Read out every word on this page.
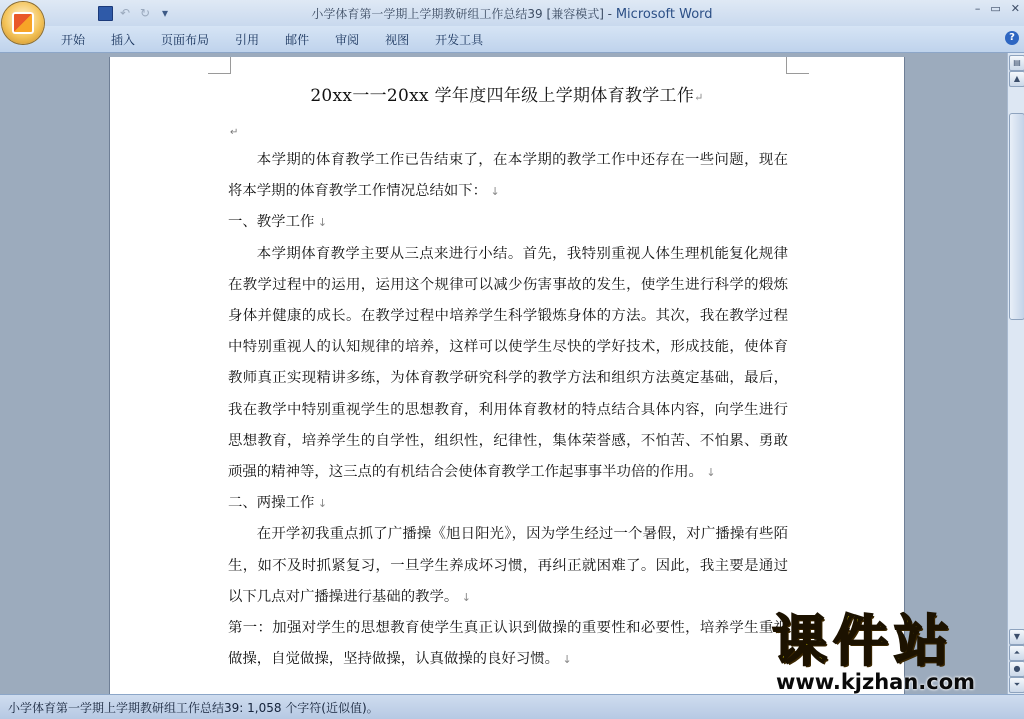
↶ ↻ ▾	小学体育第一学期上学期教研组工作总结39 [兼容模式] - Microsoft Word	– ▭ ✕
开始	插入	页面布局	引用	邮件	审阅	视图	开发工具	?
20xx一一20xx 学年度四年级上学期体育教学工作↵
↵

本学期的体育教学工作已告结束了，在本学期的教学工作中还存在一些问题，现在将本学期的体育教学工作情况总结如下： ↓

一、教学工作 ↓

本学期体育教学主要从三点来进行小结。首先，我特别重视人体生理机能复化规律在教学过程中的运用，运用这个规律可以减少伤害事故的发生，使学生进行科学的煅炼身体并健康的成长。在教学过程中培养学生科学锻炼身体的方法。其次，我在教学过程中特别重视人的认知规律的培养，这样可以使学生尽快的学好技术，形成技能，使体育教师真正实现精讲多练，为体育教学研究科学的教学方法和组织方法奠定基础，最后，我在教学中特别重视学生的思想教育，利用体育教材的特点结合具体内容，向学生进行思想教育，培养学生的自学性，组织性，纪律性，集体荣誉感，不怕苦、不怕累、勇敢顽强的精神等，这三点的有机结合会使体育教学工作起事事半功倍的作用。 ↓

二、两操工作 ↓

在开学初我重点抓了广播操《旭日阳光》，因为学生经过一个暑假，对广播操有些陌生，如不及时抓紧复习，一旦学生养成坏习惯，再纠正就困难了。因此，我主要是通过以下几点对广播操进行基础的教学。 ↓

第一：加强对学生的思想教育使学生真正认识到做操的重要性和必要性，培养学生重视做操，自觉做操，坚持做操，认真做操的良好习惯。 ↓

▤
▲
▼
⏶
●
⏷
小学体育第一学期上学期教研组工作总结39: 1,058 个字符(近似值)。
课件站
www.kjzhan.com
